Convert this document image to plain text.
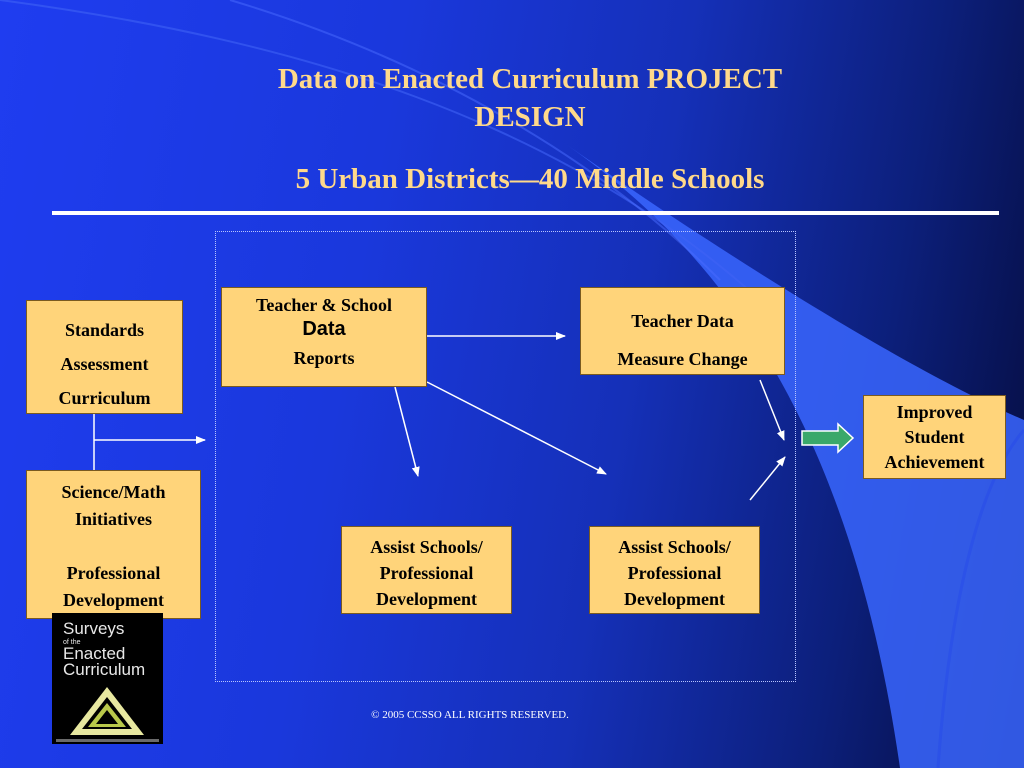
Data on Enacted Curriculum PROJECT
DESIGN
5 Urban Districts—40 Middle Schools
Standards
Assessment
Curriculum
Science/Math
Initiatives

Professional
Development
Teacher & School
Data
Reports
Teacher Data
Measure Change
Assist Schools/
Professional
Development
Assist Schools/
Professional
Development
Improved
Student
Achievement
Surveys
of the
Enacted
Curriculum
© 2005 CCSSO ALL RIGHTS RESERVED.
